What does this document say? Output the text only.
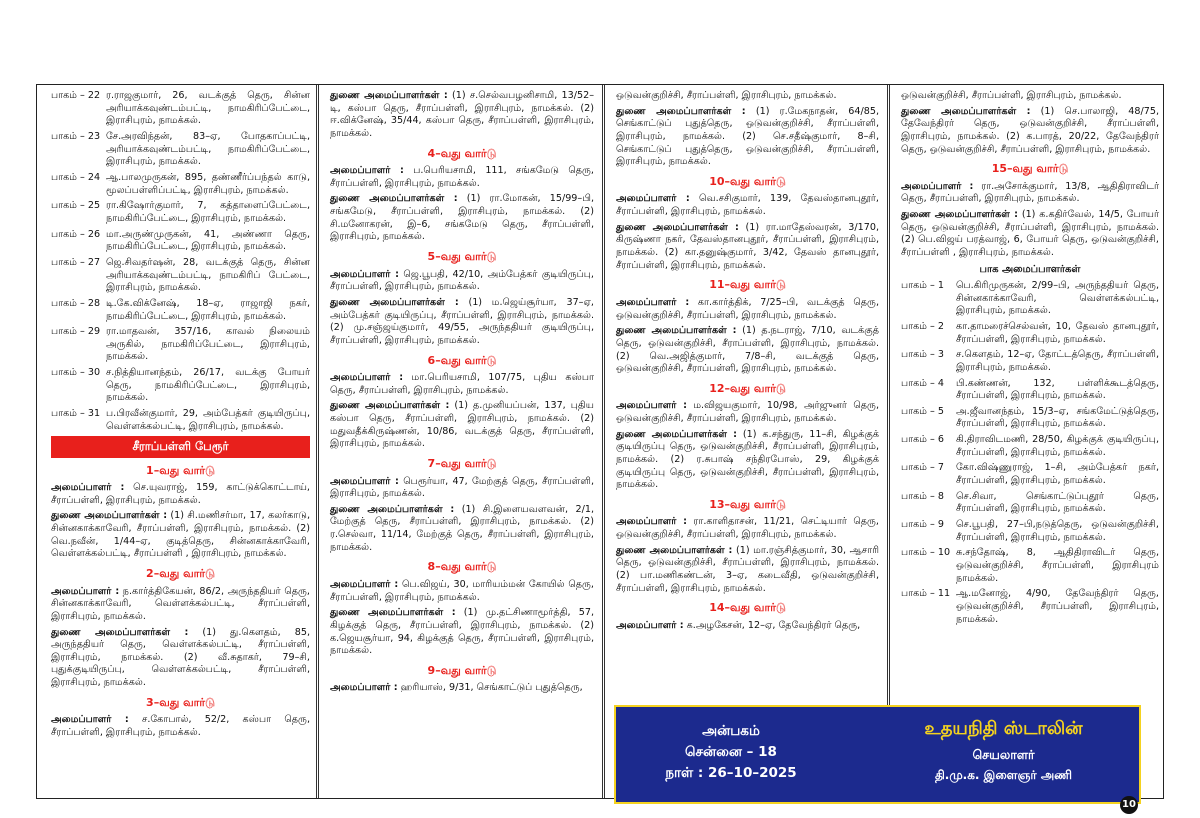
பாகம் – 22 ர.ராஜகுமார், 26, வடக்குத் தெரு, சின்ன அரியாக்கவுண்டம்பட்டி, நாமகிரிப்பேட்டை, இராசிபுரம், நாமக்கல்.
பாகம் – 23 சே.அரவிந்தன், 83–ஏ, போதகாப்பட்டி, அரியாக்கவுண்டம்பட்டி, நாமகிரிப்பேட்டை, இராசிபுரம், நாமக்கல்.
பாகம் – 24 ஆ.பாலமுருகன், 895, தண்ணீர்ப்பந்தல் காடு, மூலப்பள்ளிப்பட்டி, இராசிபுரம், நாமக்கல்.
பாகம் – 25 ரா.கிஷோர்குமார், 7, கத்தாளைப்பேட்டை, நாமகிரிப்பேட்டை, இராசிபுரம், நாமக்கல்.
பாகம் – 26 மா.அருண்முருகன், 41, அண்ணா தெரு, நாமகிரிப்பேட்டை, இராசிபுரம், நாமக்கல்.
பாகம் – 27 ஜெ.சிவதர்ஷன், 28, வடக்குத் தெரு, சின்ன அரியாக்கவுண்டம்பட்டி, நாமகிரிப் பேட்டை, இராசிபுரம், நாமக்கல்.
பாகம் – 28 டி.கே.விக்னேஷ், 18–ஏ, ராஜாஜி நகர், நாமகிரிப்பேட்டை, இராசிபுரம், நாமக்கல்.
பாகம் – 29 ரா.மாதவன், 357/16, காவல் நிலையம் அருகில், நாமகிரிப்பேட்டை, இராசிபுரம், நாமக்கல்.
பாகம் – 30 ச.நித்தியானந்தம், 26/17, வடக்கு போயர் தெரு, நாமகிரிப்பேட்டை, இராசிபுரம், நாமக்கல்.
பாகம் – 31 ப.பிரவீன்குமார், 29, அம்பேத்கர் குடியிருப்பு, வெள்ளக்கல்பட்டி, இராசிபுரம், நாமக்கல்.
சீராப்பள்ளி பேரூர்
1–வது வார்டு
அமைப்பாளர் : செ.யுவராஜ், 159, காட்டுக்கொட்டாய், சீராப்பள்ளி, இராசிபுரம், நாமக்கல்.
துணை அமைப்பாளர்கள் : (1) சி.மணிசர்மா, 17, கலர்காடு, சின்னகாக்காவேரி, சீராப்பள்ளி, இராசிபுரம், நாமக்கல். (2) வெ.நவீன், 1/44–ஏ, குடித்தெரு, சின்னகாக்காவேரி, வெள்ளக்கல்பட்டி, சீராப்பள்ளி , இராசிபுரம், நாமக்கல்.
2–வது வார்டு
அமைப்பாளர் : ந.கார்த்திகேயன், 86/2, அருந்ததியர் தெரு, சின்னகாக்காவேரி, வெள்ளக்கல்பட்டி, சீராப்பள்ளி, இராசிபுரம், நாமக்கல்.
துணை அமைப்பாளர்கள் : (1) து.கௌதம், 85, அருந்ததியர் தெரு, வெள்ளக்கல்பட்டி, சீராப்பள்ளி, இராசிபுரம், நாமக்கல். (2) வீ.சுதாகர், 79–சி, புதுக்குடியிருப்பு, வெள்ளக்கல்பட்டி, சீராப்பள்ளி, இராசிபுரம், நாமக்கல்.
3–வது வார்டு
அமைப்பாளர் : ச.கோபால், 52/2, கஸ்பா தெரு, சீராப்பள்ளி, இராசிபுரம், நாமக்கல்.
துணை அமைப்பாளர்கள் : (1) ச.செல்வபழனிசாமி, 13/52–டி, கஸ்பா தெரு, சீராப்பள்ளி, இராசிபுரம், நாமக்கல். (2) ஈ.விக்னேஷ், 35/44, கஸ்பா தெரு, சீராப்பள்ளி, இராசிபுரம், நாமக்கல்.
4–வது வார்டு
அமைப்பாளர் : ப.பெரியசாமி, 111, சங்கமேடு தெரு, சீராப்பள்ளி, இராசிபுரம், நாமக்கல்.
துணை அமைப்பாளர்கள் : (1) ரா.மோகன், 15/99–பி, சங்கமேடு, சீராப்பள்ளி, இராசிபுரம், நாமக்கல். (2) சி.மனோகரன், இ–6, சங்கமேடு தெரு, சீராப்பள்ளி, இராசிபுரம், நாமக்கல்.
5–வது வார்டு
அமைப்பாளர் : ஜெ.பூபதி, 42/10, அம்பேத்கர் குடியிருப்பு, சீராப்பள்ளி, இராசிபுரம், நாமக்கல்.
துணை அமைப்பாளர்கள் : (1) ம.ஜெய்சூர்யா, 37–ஏ, அம்பேத்கர் குடியிருப்பு, சீராப்பள்ளி, இராசிபுரம், நாமக்கல். (2) மு.சஞ்ஜய்குமார், 49/55, அருந்ததியர் குடியிருப்பு, சீராப்பள்ளி, இராசிபுரம், நாமக்கல்.
6–வது வார்டு
அமைப்பாளர் : மா.பெரியசாமி, 107/75, புதிய கஸ்பா தெரு, சீராப்பள்ளி, இராசிபுரம், நாமக்கல்.
துணை அமைப்பாளர்கள் : (1) த.முனியப்பன், 137, புதிய கஸ்பா தெரு, சீராப்பள்ளி, இராசிபுரம், நாமக்கல். (2) மதுவதீக்கிருஷ்ணன், 10/86, வடக்குத் தெரு, சீராப்பள்ளி, இராசிபுரம், நாமக்கல்.
7–வது வார்டு
அமைப்பாளர் : பெரூர்யா, 47, மேற்குத் தெரு, சீராப்பள்ளி, இராசிபுரம், நாமக்கல்.
துணை அமைப்பாளர்கள் : (1) சி.இளையவளவன், 2/1, மேற்குத் தெரு, சீராப்பள்ளி, இராசிபுரம், நாமக்கல். (2) ர.செல்வா, 11/14, மேற்குத் தெரு, சீராப்பள்ளி, இராசிபுரம், நாமக்கல்.
8–வது வார்டு
அமைப்பாளர் : பெ.விஜய், 30, மாரியம்மன் கோயில் தெரு, சீராப்பள்ளி, இராசிபுரம், நாமக்கல்.
துணை அமைப்பாளர்கள் : (1) மு.தட்சிணாமூர்த்தி, 57, கிழக்குத் தெரு, சீராப்பள்ளி, இராசிபுரம், நாமக்கல். (2) க.ஜெயசூர்யா, 94, கிழக்குத் தெரு, சீராப்பள்ளி, இராசிபுரம், நாமக்கல்.
9–வது வார்டு
அமைப்பாளர் : ஹரியாஸ், 9/31, செங்காட்டுப் புதுத்தெரு,
ஒடுவன்குறிச்சி, சீராப்பள்ளி, இராசிபுரம், நாமக்கல்.
துணை அமைப்பாளர்கள் : (1) ர.மேகநாதன், 64/85, செங்காட்டுப் புதுத்தெரு, ஒடுவன்குறிச்சி, சீராப்பள்ளி, இராசிபுரம், நாமக்கல். (2) செ.சதீஷ்குமார், 8–சி, செங்காட்டுப் புதுத்தெரு, ஒடுவன்குறிச்சி, சீராப்பள்ளி, இராசிபுரம், நாமக்கல்.
10–வது வார்டு
அமைப்பாளர் : வெ.சசிகுமார், 139, தேவஸ்தானபுதூர், சீராப்பள்ளி, இராசிபுரம், நாமக்கல்.
துணை அமைப்பாளர்கள் : (1) ரா.மாதேஸ்வரன், 3/170, கிருஷ்ணா நகர், தேவஸ்தானபுதூர், சீராப்பள்ளி, இராசிபுரம், நாமக்கல். (2) கா.தனுஷ்குமார், 3/42, தேவஸ் தானபுதூர், சீராப்பள்ளி, இராசிபுரம், நாமக்கல்.
11–வது வார்டு
அமைப்பாளர் : கா.கார்த்திக், 7/25–பி, வடக்குத் தெரு, ஒடுவன்குறிச்சி, சீராப்பள்ளி, இராசிபுரம், நாமக்கல்.
துணை அமைப்பாளர்கள் : (1) த.நடராஜ், 7/10, வடக்குத் தெரு, ஒடுவன்குறிச்சி, சீராப்பள்ளி, இராசிபுரம், நாமக்கல். (2) வெ.அஜித்குமார், 7/8–சி, வடக்குத் தெரு, ஒடுவன்குறிச்சி, சீராப்பள்ளி, இராசிபுரம், நாமக்கல்.
12–வது வார்டு
அமைப்பாளர் : ம.விஜயகுமார், 10/98, அர்ஜுனர் தெரு, ஒடுவன்குறிச்சி, சீராப்பள்ளி, இராசிபுரம், நாமக்கல்.
துணை அமைப்பாளர்கள் : (1) க.சந்துரு, 11–சி, கிழக்குக் குடியிருப்பு தெரு, ஒடுவன்குறிச்சி, சீராப்பள்ளி, இராசிபுரம், நாமக்கல். (2) ர.சுபாஷ் சந்திரபோஸ், 29, கிழக்குக் குடியிருப்பு தெரு, ஒடுவன்குறிச்சி, சீராப்பள்ளி, இராசிபுரம், நாமக்கல்.
13–வது வார்டு
அமைப்பாளர் : ரா.காளிதாசன், 11/21, செட்டியார் தெரு, ஒடுவன்குறிச்சி, சீராப்பள்ளி, இராசிபுரம், நாமக்கல்.
துணை அமைப்பாளர்கள் : (1) மா.ரஞ்சித்குமார், 30, ஆசாரி தெரு, ஒடுவன்குறிச்சி, சீராப்பள்ளி, இராசிபுரம், நாமக்கல். (2) பா.மணிகண்டன், 3–ஏ, கடைவீதி, ஒடுவன்குறிச்சி, சீராப்பள்ளி, இராசிபுரம், நாமக்கல்.
14–வது வார்டு
அமைப்பாளர் : க.அழகேசன், 12–ஏ, தேவேந்திரர் தெரு,
ஒடுவன்குறிச்சி, சீராப்பள்ளி, இராசிபுரம், நாமக்கல்.
துணை அமைப்பாளர்கள் : (1) செ.பாலாஜி, 48/75, தேவேந்திரர் தெரு, ஒடுவன்குறிச்சி, சீராப்பள்ளி, இராசிபுரம், நாமக்கல். (2) க.பாரத், 20/22, தேவேந்திரர் தெரு, ஒடுவன்குறிச்சி, சீராப்பள்ளி, இராசிபுரம், நாமக்கல்.
15–வது வார்டு
அமைப்பாளர் : ரா.அசோக்குமார், 13/8, ஆதிதிராவிடர் தெரு, சீராப்பள்ளி, இராசிபுரம், நாமக்கல்.
துணை அமைப்பாளர்கள் : (1) க.கதிர்வேல், 14/5, போயர் தெரு, ஒடுவன்குறிச்சி, சீராப்பள்ளி, இராசிபுரம், நாமக்கல். (2) பெ.விஜய் பரத்வாஜ், 6, போயர் தெரு, ஒடுவன்குறிச்சி, சீராப்பள்ளி , இராசிபுரம், நாமக்கல்.
பாக அமைப்பாளர்கள்
பாகம் – 1	பெ.கிரிமுருகன், 2/99–பி, அருந்ததியர் தெரு, சின்னகாக்காவேரி, வெள்ளக்கல்பட்டி, இராசிபுரம், நாமக்கல்.
பாகம் – 2	கா.தாமரைச்செல்வன், 10, தேவஸ் தானபுதூர், சீராப்பள்ளி, இராசிபுரம், நாமக்கல்.
பாகம் – 3	ச.கௌதம், 12–ஏ, தோட்டத்தெரு, சீராப்பள்ளி, இராசிபுரம், நாமக்கல்.
பாகம் – 4	பி.கண்ணன், 132, பள்ளிக்கூடத்தெரு, சீராப்பள்ளி, இராசிபுரம், நாமக்கல்.
பாகம் – 5	அ.ஜீவானந்தம், 15/3–ஏ, சங்கமேட்டுத்தெரு, சீராப்பள்ளி, இராசிபுரம், நாமக்கல்.
பாகம் – 6	கி.திராவிடமணி, 28/50, கிழக்குக் குடியிருப்பு, சீராப்பள்ளி, இராசிபுரம், நாமக்கல்.
பாகம் – 7	கோ.விஷ்ணுராஜ், 1–சி, அம்பேத்கர் நகர், சீராப்பள்ளி, இராசிபுரம், நாமக்கல்.
பாகம் – 8	செ.சிவா, செங்காட்டுப்புதூர் தெரு, சீராப்பள்ளி, இராசிபுரம், நாமக்கல்.
பாகம் – 9	செ.பூபதி, 27–பி,நடுத்தெரு, ஒடுவன்குறிச்சி, சீராப்பள்ளி, இராசிபுரம், நாமக்கல்.
பாகம் – 10 சு.சந்தோஷ், 8, ஆதிதிராவிடர் தெரு, ஒடுவன்குறிச்சி, சீராப்பள்ளி, இராசிபுரம் நாமக்கல்.
பாகம் – 11 ஆ.மனோஜ், 4/90, தேவேந்திரர் தெரு, ஒடுவன்குறிச்சி, சீராப்பள்ளி, இராசிபுரம், நாமக்கல்.
அன்பகம்
சென்னை – 18
நாள் : 26–10–2025
உதயநிதி ஸ்டாலின்
செயலாளர்
தி.மு.க. இளைஞர் அணி
10
